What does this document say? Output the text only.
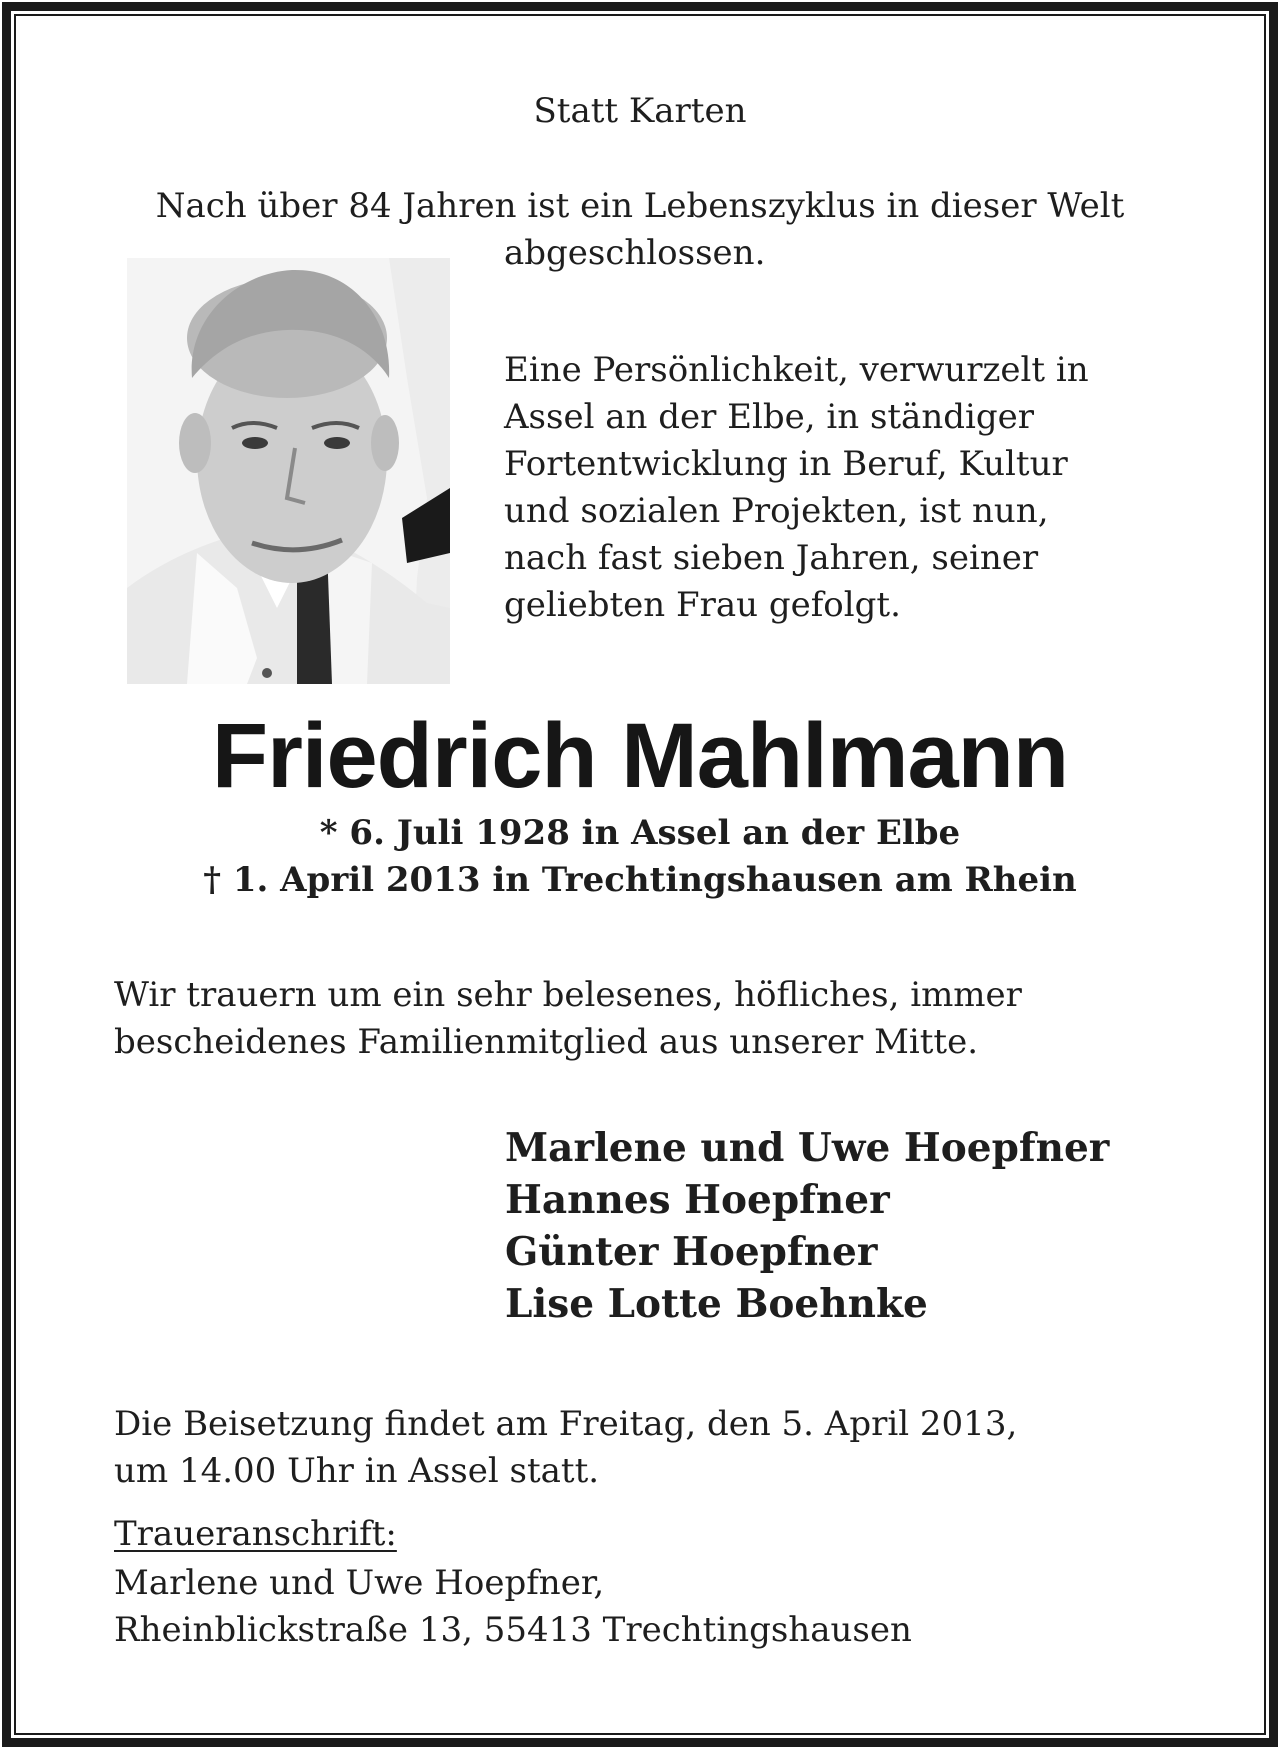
Statt Karten
Nach über 84 Jahren ist ein Lebenszyklus in dieser Welt
abgeschlossen.
Eine Persönlichkeit, verwurzelt in
Assel an der Elbe, in ständiger
Fortentwicklung in Beruf, Kultur
und sozialen Projekten, ist nun,
nach fast sieben Jahren, seiner
geliebten Frau gefolgt.
Friedrich Mahlmann
* 6. Juli 1928 in Assel an der Elbe
† 1. April 2013 in Trechtingshausen am Rhein
Wir trauern um ein sehr belesenes, höfliches, immer
bescheidenes Familienmitglied aus unserer Mitte.
Marlene und Uwe Hoepfner
Hannes Hoepfner
Günter Hoepfner
Lise Lotte Boehnke
Die Beisetzung findet am Freitag, den 5. April 2013,
um 14.00 Uhr in Assel statt.
Traueranschrift:
Marlene und Uwe Hoepfner,
Rheinblickstraße 13, 55413 Trechtingshausen
